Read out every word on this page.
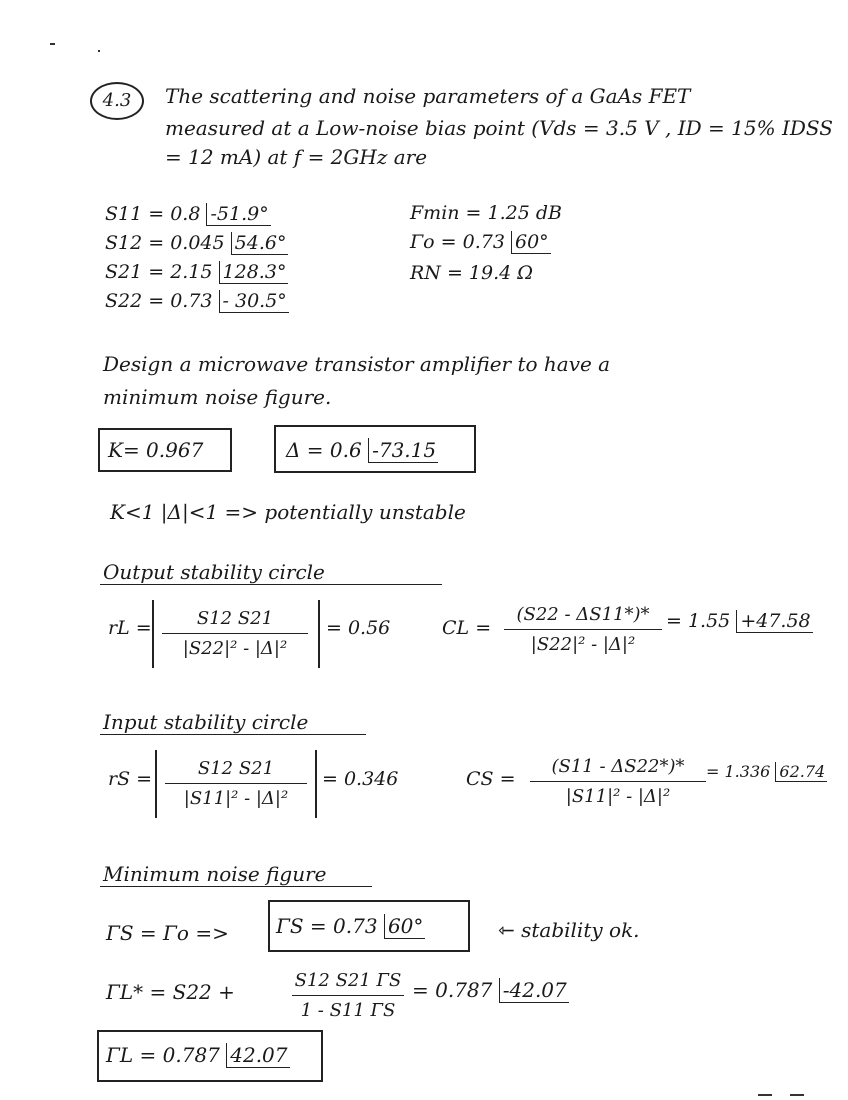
4.3	The scattering and noise parameters of a GaAs FET
measured at a Low-noise bias point (Vds = 3.5 V , ID = 15% IDSS
= 12 mA) at f = 2GHz are
S11 = 0.8 -51.9°
S12 = 0.045 54.6°
S21 = 2.15 128.3°
S22 = 0.73 - 30.5°
Fmin = 1.25 dB
Γo = 0.73 60°
RN = 19.4 Ω
Design a microwave transistor amplifier to have a
minimum noise figure.
K= 0.967	Δ = 0.6 -73.15
K<1 |Δ|<1 => potentially unstable
Output stability circle
rL = $\frac{S12 S21}{\text{|S22|² - |Δ|²}} = 0.56$	CL = $\frac{(S22 - \Delta S11*)*}{\text{|S22|² - |Δ|²}} = 1.55 +47.58$
Input stability circle
rS = $\frac{S12 S21}{\text{|S11|² - |Δ|²}} = 0.346$	CS = $\frac{(S11 - \Delta S22*)*}{\text{|S11|² - |Δ|²}} = 1.336$ 62.74
Minimum noise figure
ΓS = Γo => ΓS = 0.73 60°	⇽ stability ok.
ΓL* = S22 +	$\frac{S12 S21 \Gamma S}{1 - S11 \Gamma S} = 0.787$ -42.07
ΓL = 0.787 42.07
